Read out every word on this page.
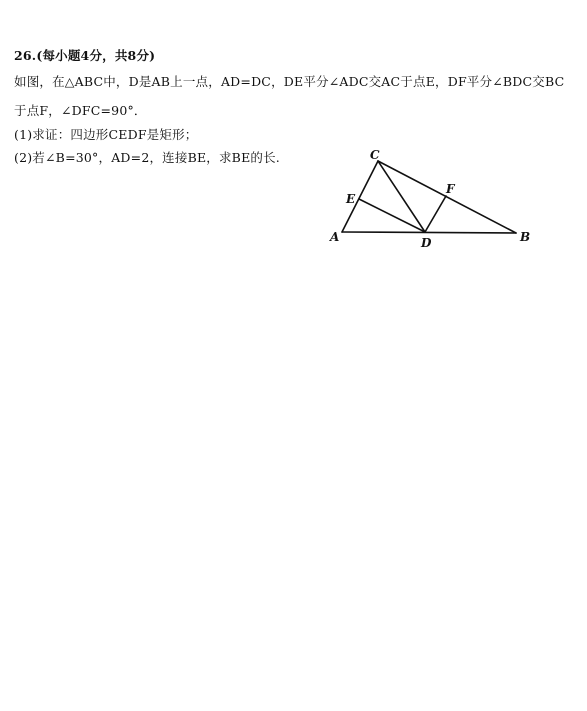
26.(每小题4分，共8分)
如图，在△ABC中，D是AB上一点，AD=DC，DE平分∠ADC交AC于点E，DF平分∠BDC交BC
于点F，∠DFC=90°．
(1)求证：四边形CEDF是矩形；
(2)若∠B=30°，AD=2，连接BE，求BE的长.	C
E
F
A	D	B
